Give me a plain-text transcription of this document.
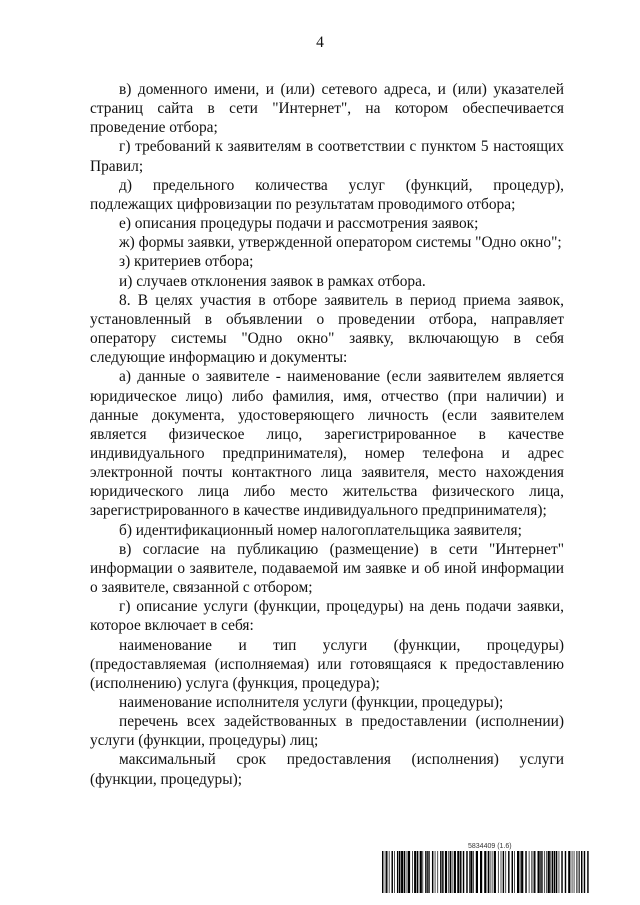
4

в) доменного имени, и (или) сетевого адреса, и (или) указателей страниц сайта в сети "Интернет", на котором обеспечивается проведение отбора;

г) требований к заявителям в соответствии с пунктом 5 настоящих Правил;

д) предельного количества услуг (функций, процедур), подлежащих цифровизации по результатам проводимого отбора;

е) описания процедуры подачи и рассмотрения заявок;

ж) формы заявки, утвержденной оператором системы "Одно окно";

з) критериев отбора;

и) случаев отклонения заявок в рамках отбора.

8. В целях участия в отборе заявитель в период приема заявок, установленный в объявлении о проведении отбора, направляет оператору системы "Одно окно" заявку, включающую в себя следующие информацию и документы:

а) данные о заявителе - наименование (если заявителем является юридическое лицо) либо фамилия, имя, отчество (при наличии) и данные документа, удостоверяющего личность (если заявителем является физическое лицо, зарегистрированное в качестве индивидуального предпринимателя), номер телефона и адрес электронной почты контактного лица заявителя, место нахождения юридического лица либо место жительства физического лица, зарегистрированного в качестве индивидуального предпринимателя);

б) идентификационный номер налогоплательщика заявителя;

в) согласие на публикацию (размещение) в сети "Интернет" информации о заявителе, подаваемой им заявке и об иной информации о заявителе, связанной с отбором;

г) описание услуги (функции, процедуры) на день подачи заявки, которое включает в себя:

наименование и тип услуги (функции, процедуры) (предоставляемая (исполняемая) или готовящаяся к предоставлению (исполнению) услуга (функция, процедура);

наименование исполнителя услуги (функции, процедуры);

перечень всех задействованных в предоставлении (исполнении) услуги (функции, процедуры) лиц;

максимальный срок предоставления (исполнения) услуги (функции, процедуры);

5834409 (1.6)
